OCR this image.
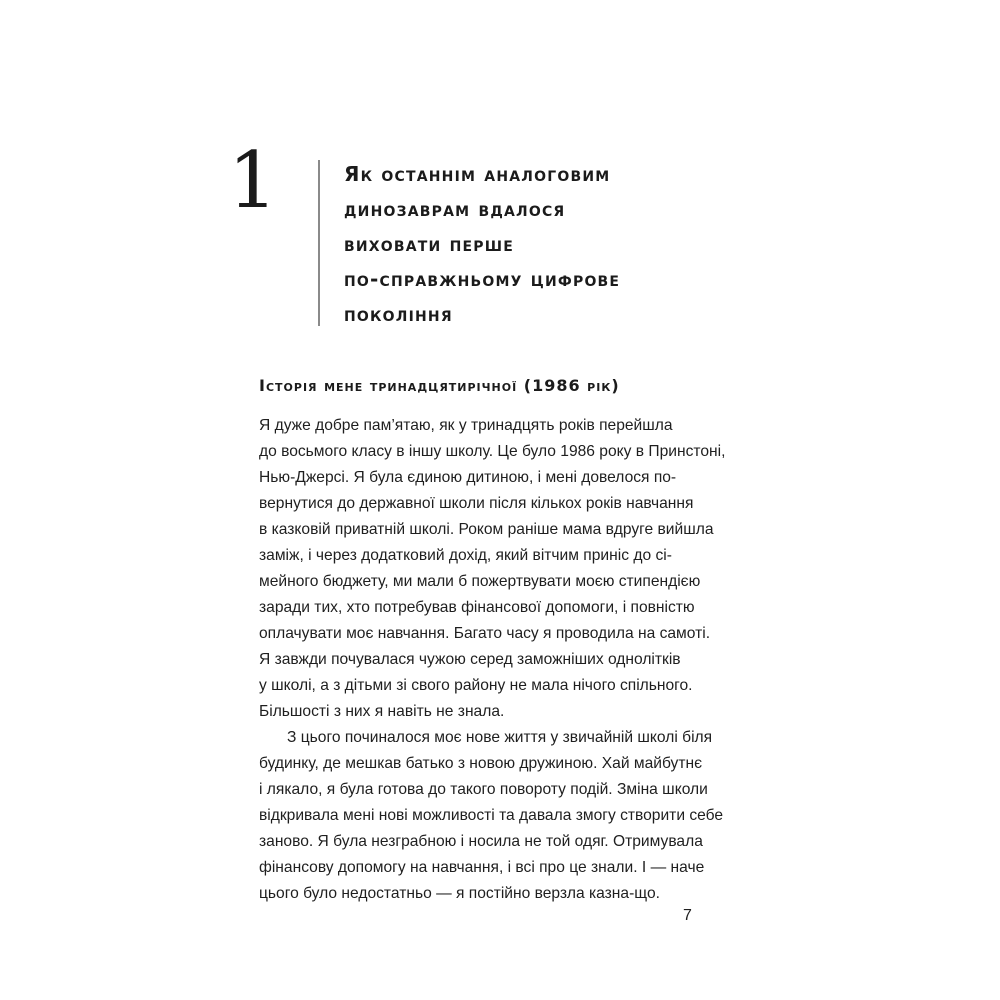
1	Як останнім аналоговим
динозаврам вдалося
виховати перше
по-справжньому цифрове
покоління
Історія мене тринадцятирічної (1986 рік)
Я дуже добре пам’ятаю, як у тринадцять років перейшла
до восьмого класу в іншу школу. Це було 1986 року в Принстоні,
Нью-Джерсі. Я була єдиною дитиною, і мені довелося по-
вернутися до державної школи після кількох років навчання
в казковій приватній школі. Роком раніше мама вдруге вийшла
заміж, і через додатковий дохід, який вітчим приніс до сі-
мейного бюджету, ми мали б пожертвувати моєю стипендією
заради тих, хто потребував фінансової допомоги, і повністю
оплачувати моє навчання. Багато часу я проводила на самоті.
Я завжди почувалася чужою серед заможніших однолітків
у школі, а з дітьми зі свого району не мала нічого спільного.
Більшості з них я навіть не знала.
З цього починалося моє нове життя у звичайній школі біля
будинку, де мешкав батько з новою дружиною. Хай майбутнє
і лякало, я була готова до такого повороту подій. Зміна школи
відкривала мені нові можливості та давала змогу створити себе
заново. Я була незграбною і носила не той одяг. Отримувала
фінансову допомогу на навчання, і всі про це знали. І — наче
цього було недостатньо — я постійно верзла казна-що.
7
